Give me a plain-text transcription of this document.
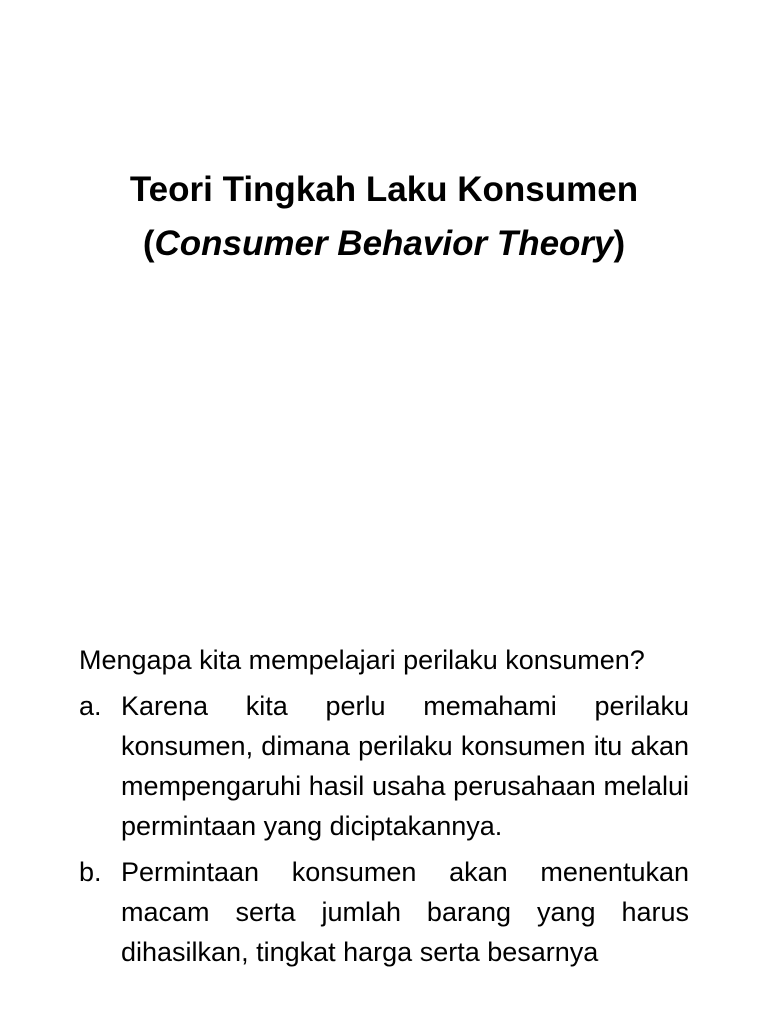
Teori Tingkah Laku Konsumen
(Consumer Behavior Theory)

Mengapa kita mempelajari perilaku konsumen?

a. Karena kita perlu memahami perilaku konsumen, dimana perilaku konsumen itu akan mempengaruhi hasil usaha perusahaan melalui permintaan yang diciptakannya.
b. Permintaan konsumen akan menentukan macam serta jumlah barang yang harus dihasilkan, tingkat harga serta besarnya
